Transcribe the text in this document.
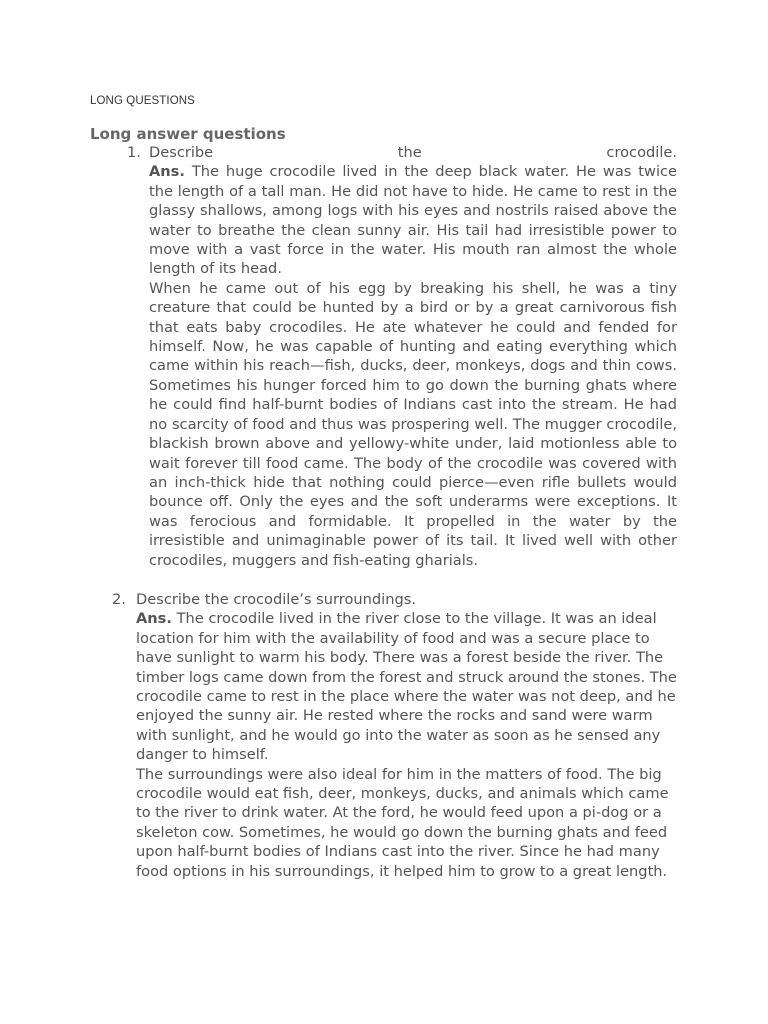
LONG QUESTIONS
Long answer questions
1. Describe the crocodile.

Ans. The huge crocodile lived in the deep black water. He was twice the length of a tall man. He did not have to hide. He came to rest in the glassy shallows, among logs with his eyes and nostrils raised above the water to breathe the clean sunny air. His tail had irresistible power to move with a vast force in the water. His mouth ran almost the whole length of its head.

When he came out of his egg by breaking his shell, he was a tiny creature that could be hunted by a bird or by a great carnivorous fish that eats baby crocodiles. He ate whatever he could and fended for himself. Now, he was capable of hunting and eating everything which came within his reach—fish, ducks, deer, monkeys, dogs and thin cows. Sometimes his hunger forced him to go down the burning ghats where he could find half-burnt bodies of Indians cast into the stream. He had no scarcity of food and thus was prospering well. The mugger crocodile, blackish brown above and yellowy-white under, laid motionless able to wait forever till food came. The body of the crocodile was covered with an inch-thick hide that nothing could pierce—even rifle bullets would bounce off. Only the eyes and the soft underarms were exceptions. It was ferocious and formidable. It propelled in the water by the irresistible and unimaginable power of its tail. It lived well with other crocodiles, muggers and fish-eating gharials.

2. Describe the crocodile’s surroundings.

Ans. The crocodile lived in the river close to the village. It was an ideal location for him with the availability of food and was a secure place to have sunlight to warm his body. There was a forest beside the river. The timber logs came down from the forest and struck around the stones. The crocodile came to rest in the place where the water was not deep, and he enjoyed the sunny air. He rested where the rocks and sand were warm with sunlight, and he would go into the water as soon as he sensed any danger to himself.

The surroundings were also ideal for him in the matters of food. The big crocodile would eat fish, deer, monkeys, ducks, and animals which came to the river to drink water. At the ford, he would feed upon a pi-dog or a skeleton cow. Sometimes, he would go down the burning ghats and feed upon half-burnt bodies of Indians cast into the river. Since he had many food options in his surroundings, it helped him to grow to a great length.
